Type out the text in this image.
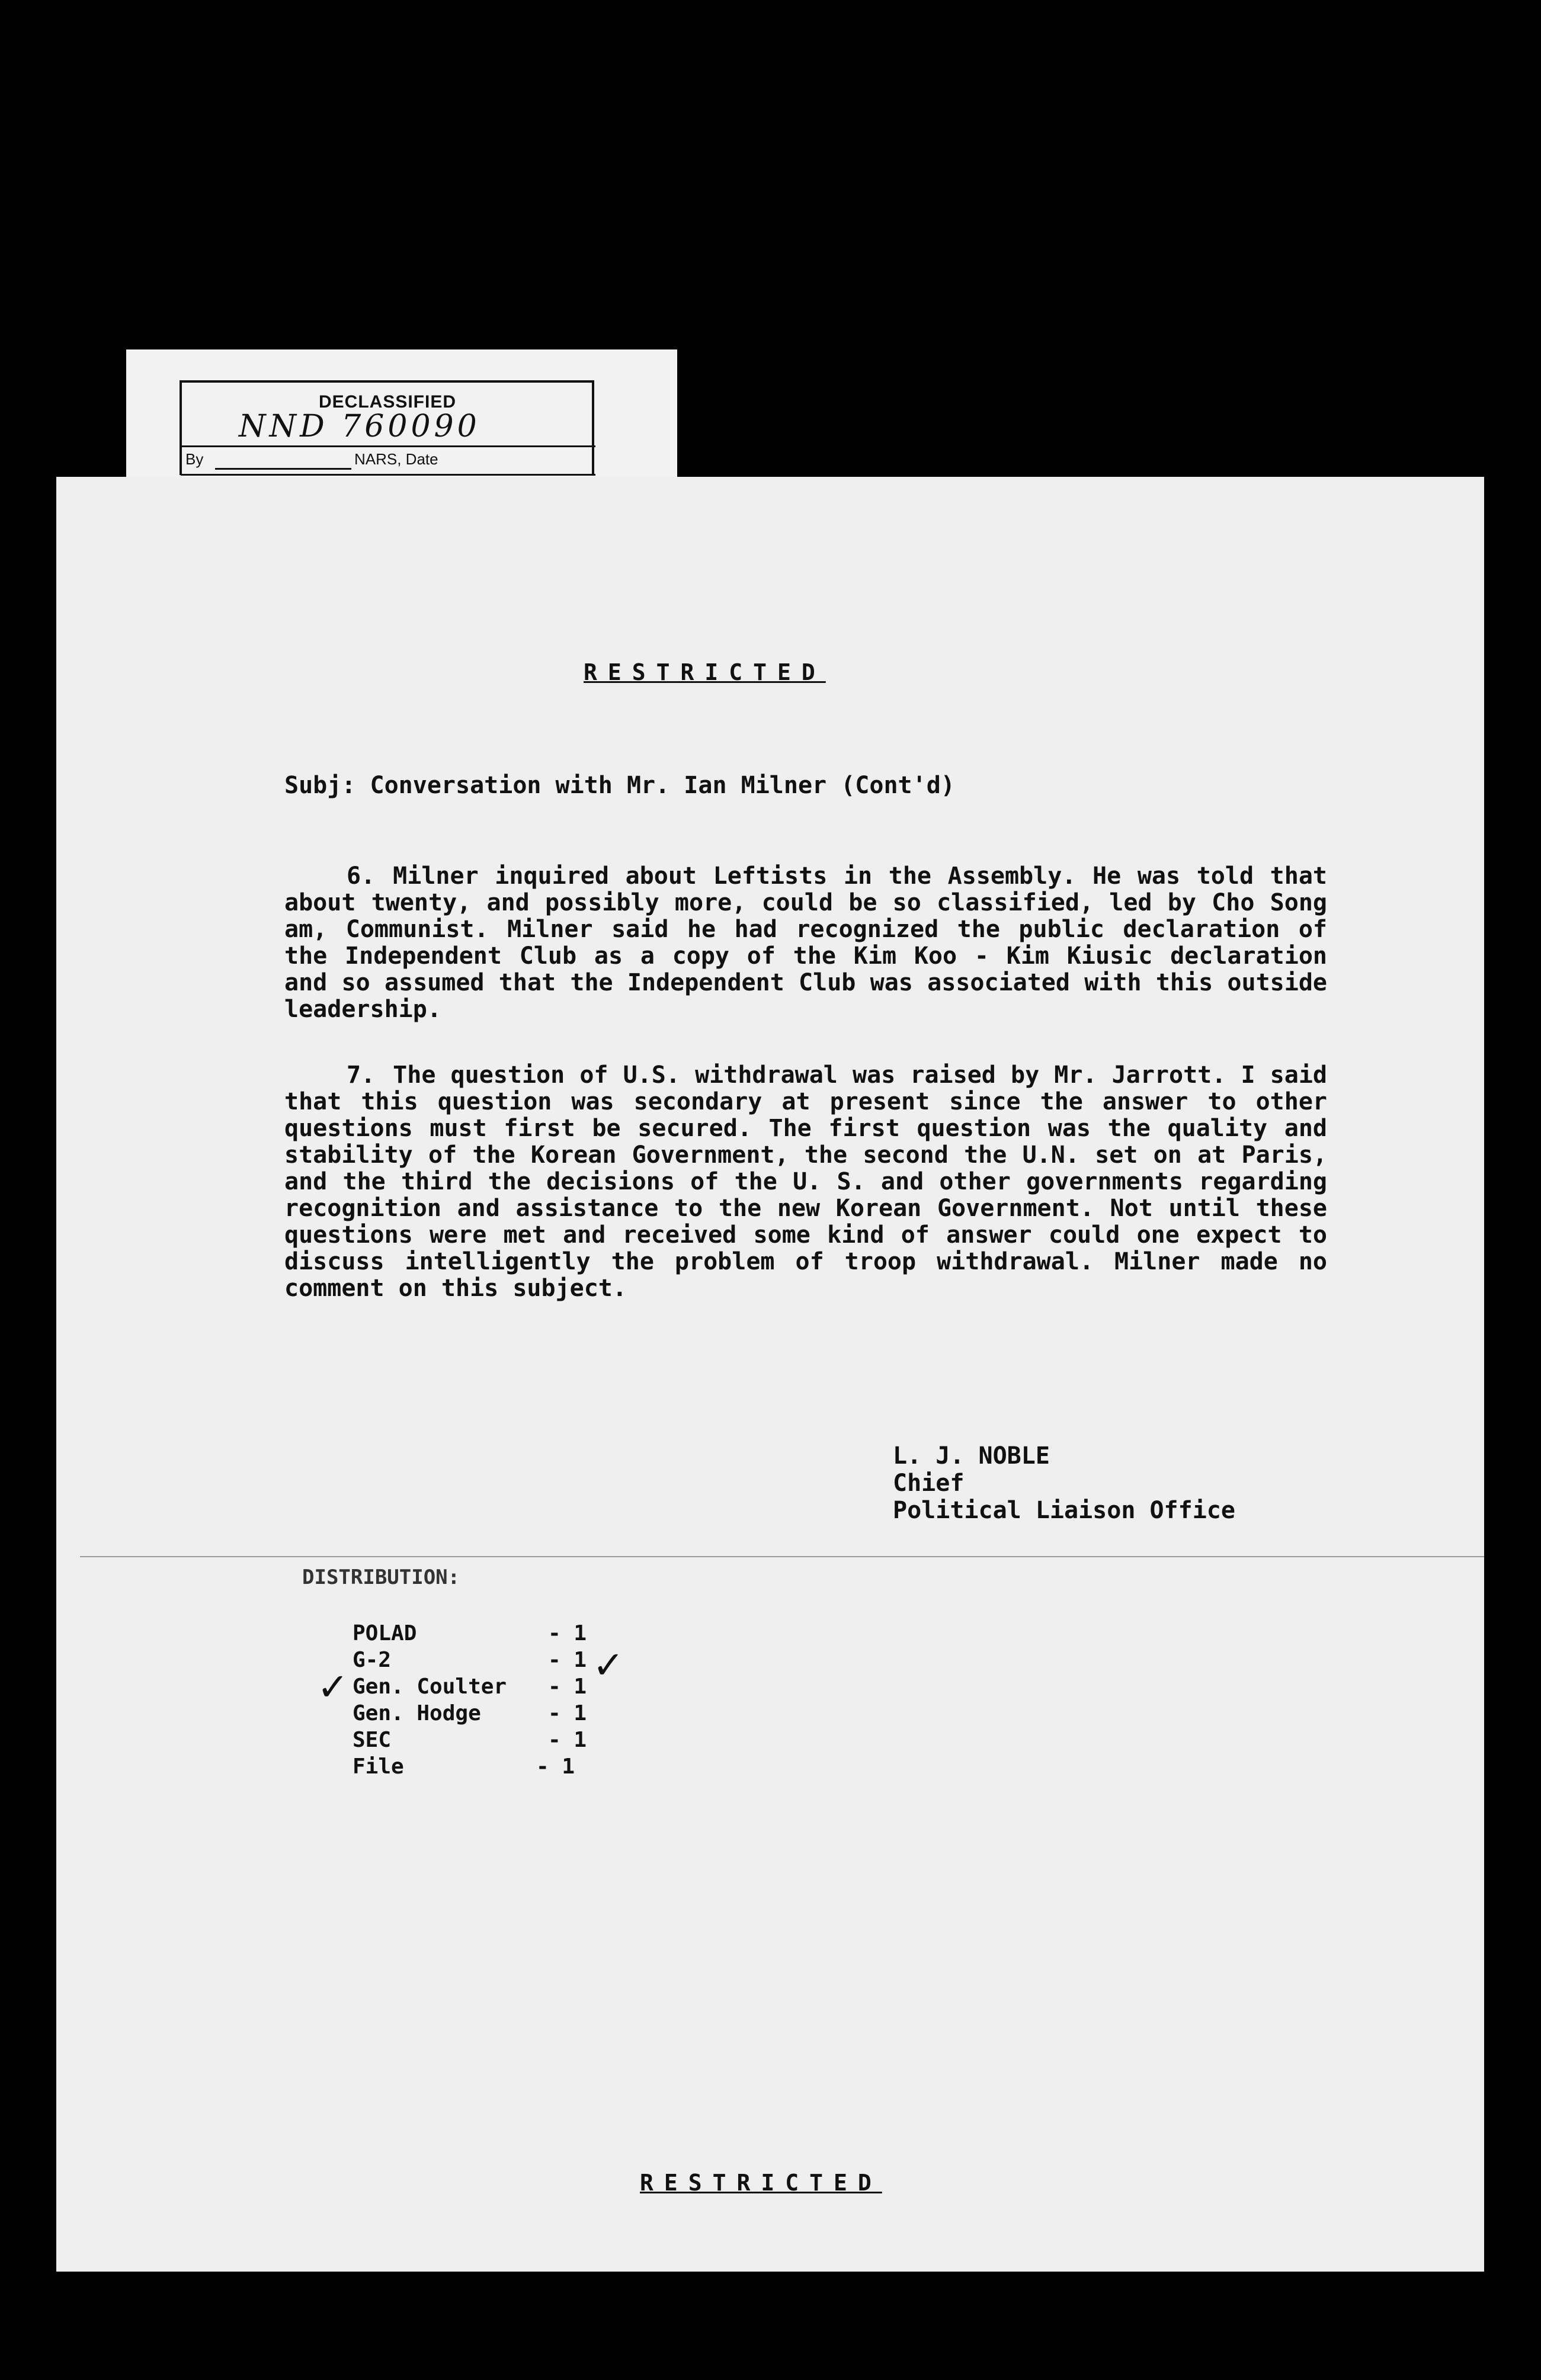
DECLASSIFIED
NND 760090
By	NARS, Date
RESTRICTED
Subj: Conversation with Mr. Ian Milner (Cont'd)

6. Milner inquired about Leftists in the Assembly. He was told that about twenty, and possibly more, could be so classified, led by Cho Song am, Communist. Milner said he had recognized the public declaration of the Independent Club as a copy of the Kim Koo - Kim Kiusic declaration and so assumed that the Independent Club was associated with this outside leadership.

7. The question of U.S. withdrawal was raised by Mr. Jarrott. I said that this question was secondary at present since the answer to other questions must first be secured. The first question was the quality and stability of the Korean Government, the second the U.N. set on at Paris, and the third the decisions of the U. S. and other governments regarding recognition and assistance to the new Korean Government. Not until these questions were met and received some kind of answer could one expect to discuss intelligently the problem of troop withdrawal. Milner made no comment on this subject.

L. J. NOBLE
Chief
Political Liaison Office
DISTRIBUTION:
POLAD	- 1
G-2	- 1
Gen. Coulter - 1
Gen. Hodge	- 1
SEC	- 1
File	- 1
✓	✓
RESTRICTED
